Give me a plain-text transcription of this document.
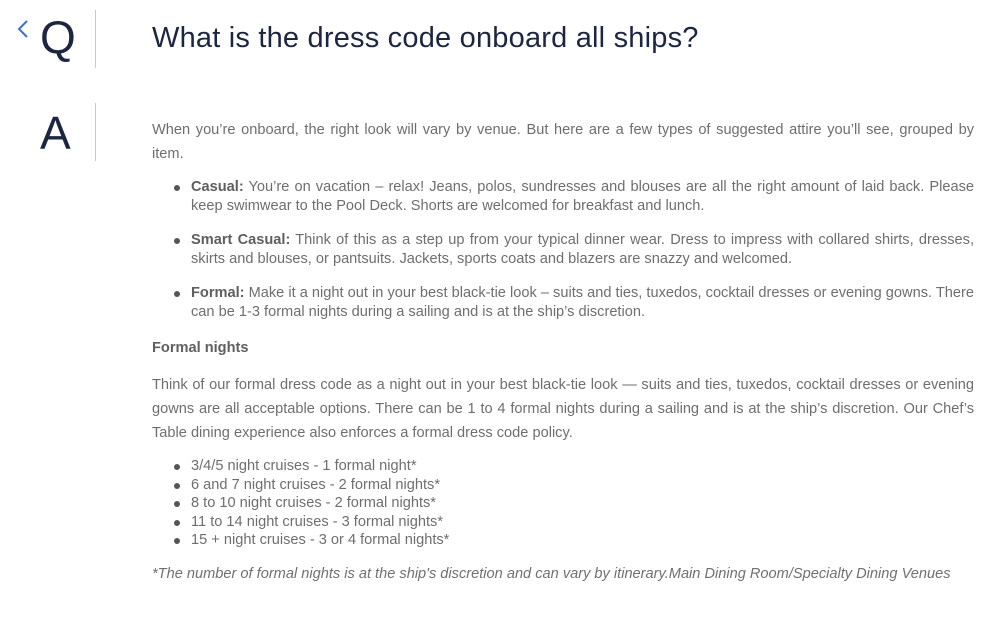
Q	What is the dress code onboard all ships?
A	When you’re onboard, the right look will vary by venue. But here are a few types of suggested attire you’ll see, grouped by item.

Casual: You’re on vacation – relax! Jeans, polos, sundresses and blouses are all the right amount of laid back. Please keep swimwear to the Pool Deck. Shorts are welcomed for breakfast and lunch.
Smart Casual: Think of this as a step up from your typical dinner wear. Dress to impress with collared shirts, dresses, skirts and blouses, or pantsuits. Jackets, sports coats and blazers are snazzy and welcomed.
Formal: Make it a night out in your best black-tie look – suits and ties, tuxedos, cocktail dresses or evening gowns. There can be 1-3 formal nights during a sailing and is at the ship’s discretion.
Formal nights

Think of our formal dress code as a night out in your best black-tie look — suits and ties, tuxedos, cocktail dresses or evening gowns are all acceptable options. There can be 1 to 4 formal nights during a sailing and is at the ship’s discretion. Our Chef’s Table dining experience also enforces a formal dress code policy.

3/4/5 night cruises - 1 formal night*
6 and 7 night cruises - 2 formal nights*
8 to 10 night cruises - 2 formal nights*
11 to 14 night cruises - 3 formal nights*
15 + night cruises - 3 or 4 formal nights*

*The number of formal nights is at the ship's discretion and can vary by itinerary.Main Dining Room/Specialty Dining Venues
